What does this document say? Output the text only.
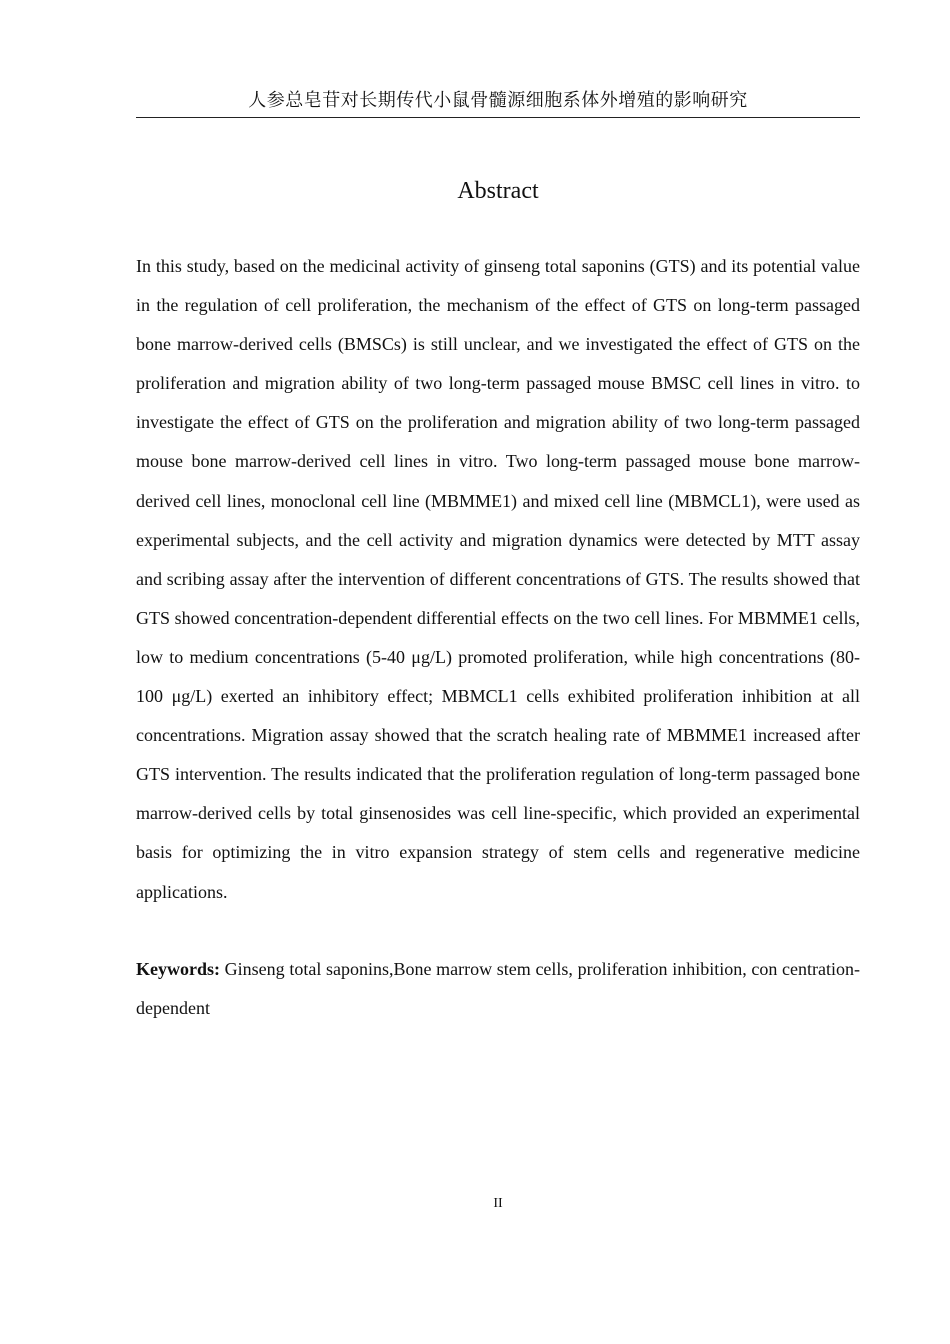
人参总皂苷对长期传代小鼠骨髓源细胞系体外增殖的影响研究
Abstract

In this study, based on the medicinal activity of ginseng total saponins (GTS) and its potential value in the regulation of cell proliferation, the mechanism of the effect of GTS on long-term passaged bone marrow-derived cells (BMSCs) is still unclear, and we investigated the effect of GTS on the proliferation and migration ability of two long-term passaged mouse BMSC cell lines in vitro. to investigate the effect of GTS on the proliferation and migration ability of two long-term passaged mouse bone marrow-derived cell lines in vitro. Two long-term passaged mouse bone marrow-derived cell lines, monoclonal cell line (MBMME1) and mixed cell line (MBMCL1), were used as experimental subjects, and the cell activity and migration dynamics were detected by MTT assay and scribing assay after the intervention of different concentrations of GTS. The results showed that GTS showed concentration-dependent differential effects on the two cell lines. For MBMME1 cells, low to medium concentrations (5-40 μg/L) promoted proliferation, while high concentrations (80-100 μg/L) exerted an inhibitory effect; MBMCL1 cells exhibited proliferation inhibition at all concentrations. Migration assay showed that the scratch healing rate of MBMME1 increased after GTS intervention. The results indicated that the proliferation regulation of long-term passaged bone marrow-derived cells by total ginsenosides was cell line-specific, which provided an experimental basis for optimizing the in vitro expansion strategy of stem cells and regenerative medicine applications.

Keywords: Ginseng total saponins,Bone marrow stem cells, proliferation inhibition, con centration-dependent

II
